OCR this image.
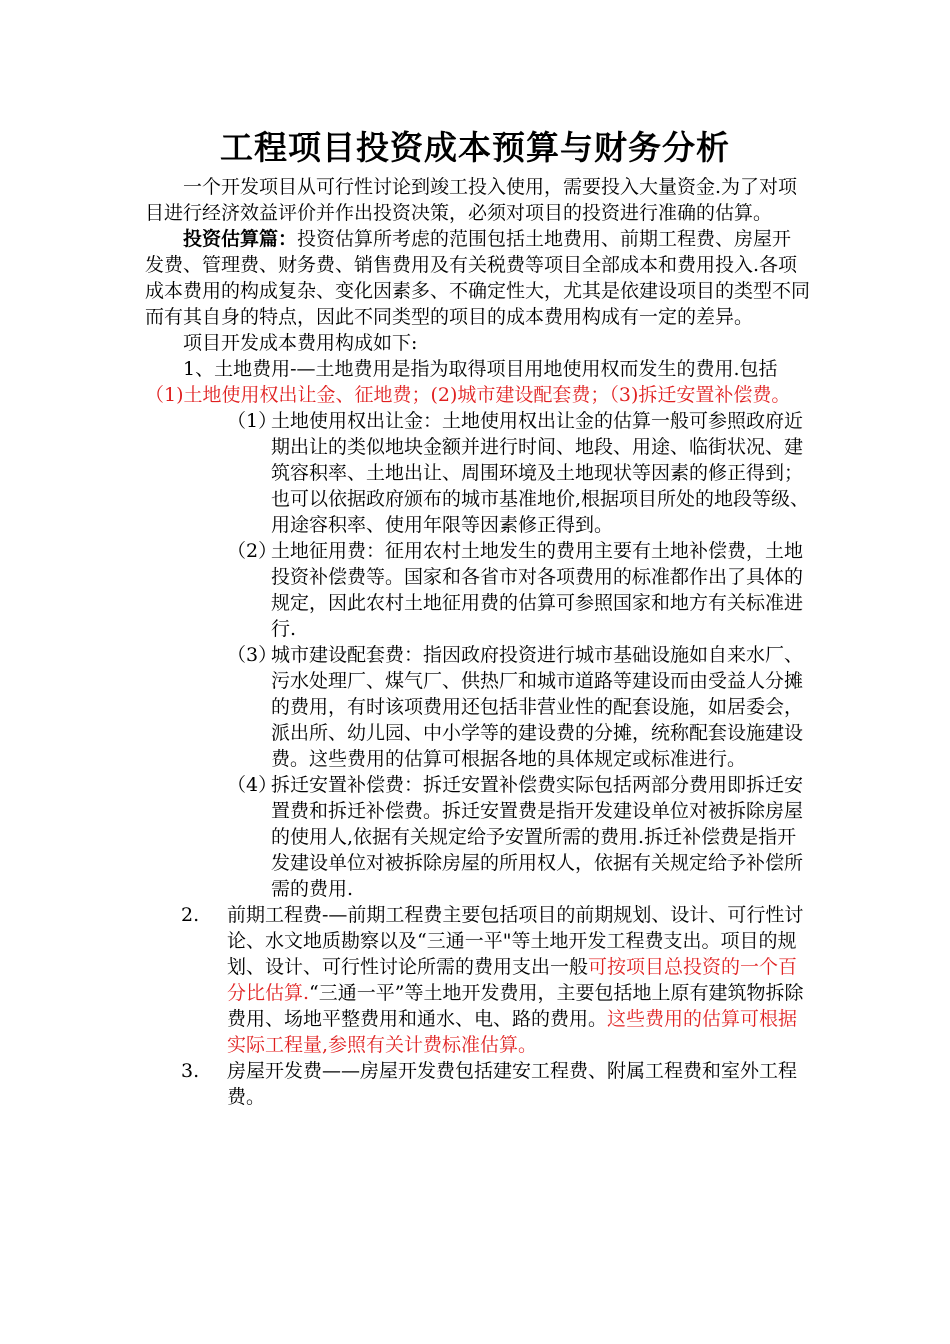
工程项目投资成本预算与财务分析

一个开发项目从可行性讨论到竣工投入使用，需要投入大量资金.为了对项目进行经济效益评价并作出投资决策，必须对项目的投资进行准确的估算。

投资估算篇：投资估算所考虑的范围包括土地费用、前期工程费、房屋开发费、管理费、财务费、销售费用及有关税费等项目全部成本和费用投入.各项成本费用的构成复杂、变化因素多、不确定性大，尤其是依建设项目的类型不同而有其自身的特点，因此不同类型的项目的成本费用构成有一定的差异。

项目开发成本费用构成如下:

1、土地费用-—土地费用是指为取得项目用地使用权而发生的费用.包括（1)土地使用权出让金、征地费；(2)城市建设配套费；（3)拆迁安置补偿费。

（1）土地使用权出让金：土地使用权出让金的估算一般可参照政府近期出让的类似地块金额并进行时间、地段、用途、临街状况、建筑容积率、土地出让、周围环境及土地现状等因素的修正得到；也可以依据政府颁布的城市基准地价,根据项目所处的地段等级、用途容积率、使用年限等因素修正得到。

（2）土地征用费：征用农村土地发生的费用主要有土地补偿费，土地投资补偿费等。国家和各省市对各项费用的标准都作出了具体的规定，因此农村土地征用费的估算可参照国家和地方有关标准进行.

（3）城市建设配套费：指因政府投资进行城市基础设施如自来水厂、污水处理厂、煤气厂、供热厂和城市道路等建设而由受益人分摊的费用，有时该项费用还包括非营业性的配套设施，如居委会，派出所、幼儿园、中小学等的建设费的分摊，统称配套设施建设费。这些费用的估算可根据各地的具体规定或标准进行。

（4）拆迁安置补偿费：拆迁安置补偿费实际包括两部分费用即拆迁安置费和拆迁补偿费。拆迁安置费是指开发建设单位对被拆除房屋的使用人,依据有关规定给予安置所需的费用.拆迁补偿费是指开发建设单位对被拆除房屋的所用权人，依据有关规定给予补偿所需的费用.

2.	前期工程费-—前期工程费主要包括项目的前期规划、设计、可行性讨论、水文地质勘察以及“三通一平"等土地开发工程费支出。项目的规划、设计、可行性讨论所需的费用支出一般可按项目总投资的一个百分比估算.“三通一平”等土地开发费用，主要包括地上原有建筑物拆除费用、场地平整费用和通水、电、路的费用。这些费用的估算可根据实际工程量,参照有关计费标准估算。
3.	房屋开发费——房屋开发费包括建安工程费、附属工程费和室外工程费。
